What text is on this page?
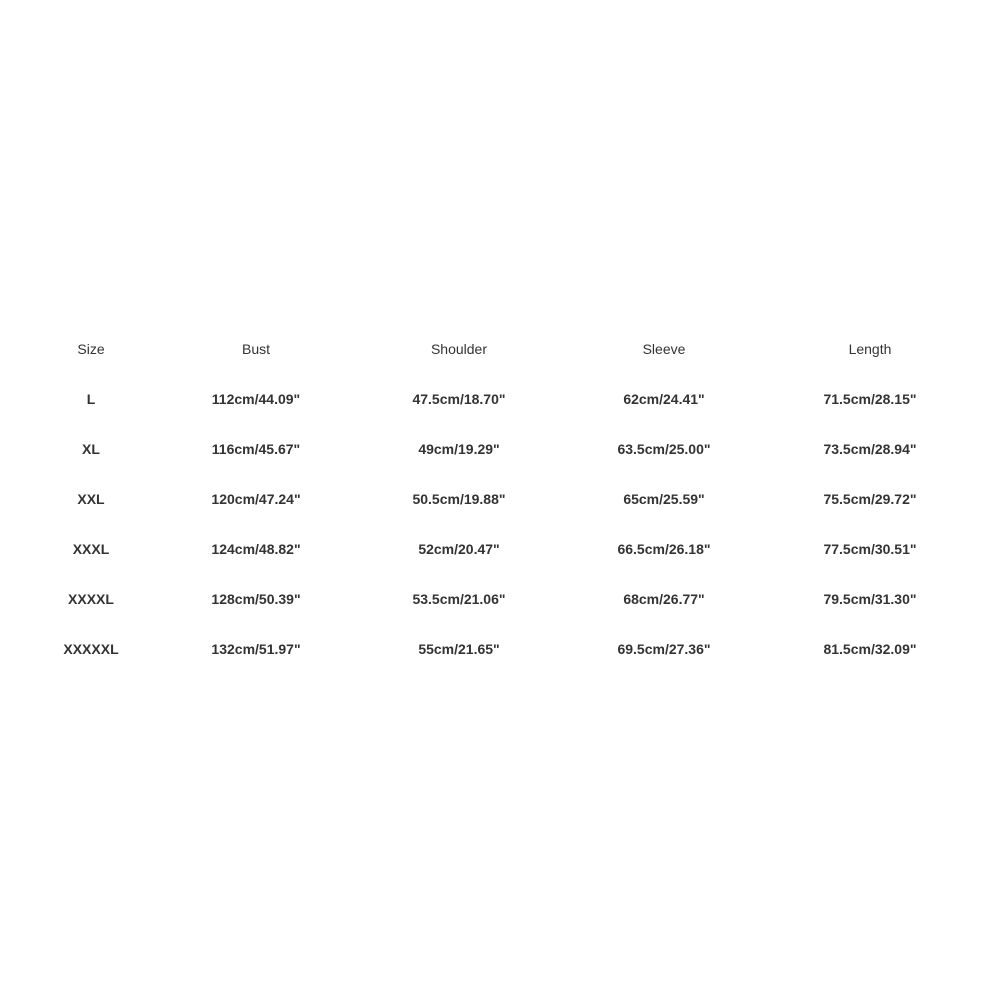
Size	Bust	Shoulder	Sleeve	Length
L	112cm/44.09"	47.5cm/18.70"	62cm/24.41"	71.5cm/28.15"
XL	116cm/45.67"	49cm/19.29"	63.5cm/25.00"	73.5cm/28.94"
XXL	120cm/47.24"	50.5cm/19.88"	65cm/25.59"	75.5cm/29.72"
XXXL	124cm/48.82"	52cm/20.47"	66.5cm/26.18"	77.5cm/30.51"
XXXXL	128cm/50.39"	53.5cm/21.06"	68cm/26.77"	79.5cm/31.30"
XXXXXL	132cm/51.97"	55cm/21.65"	69.5cm/27.36"	81.5cm/32.09"
